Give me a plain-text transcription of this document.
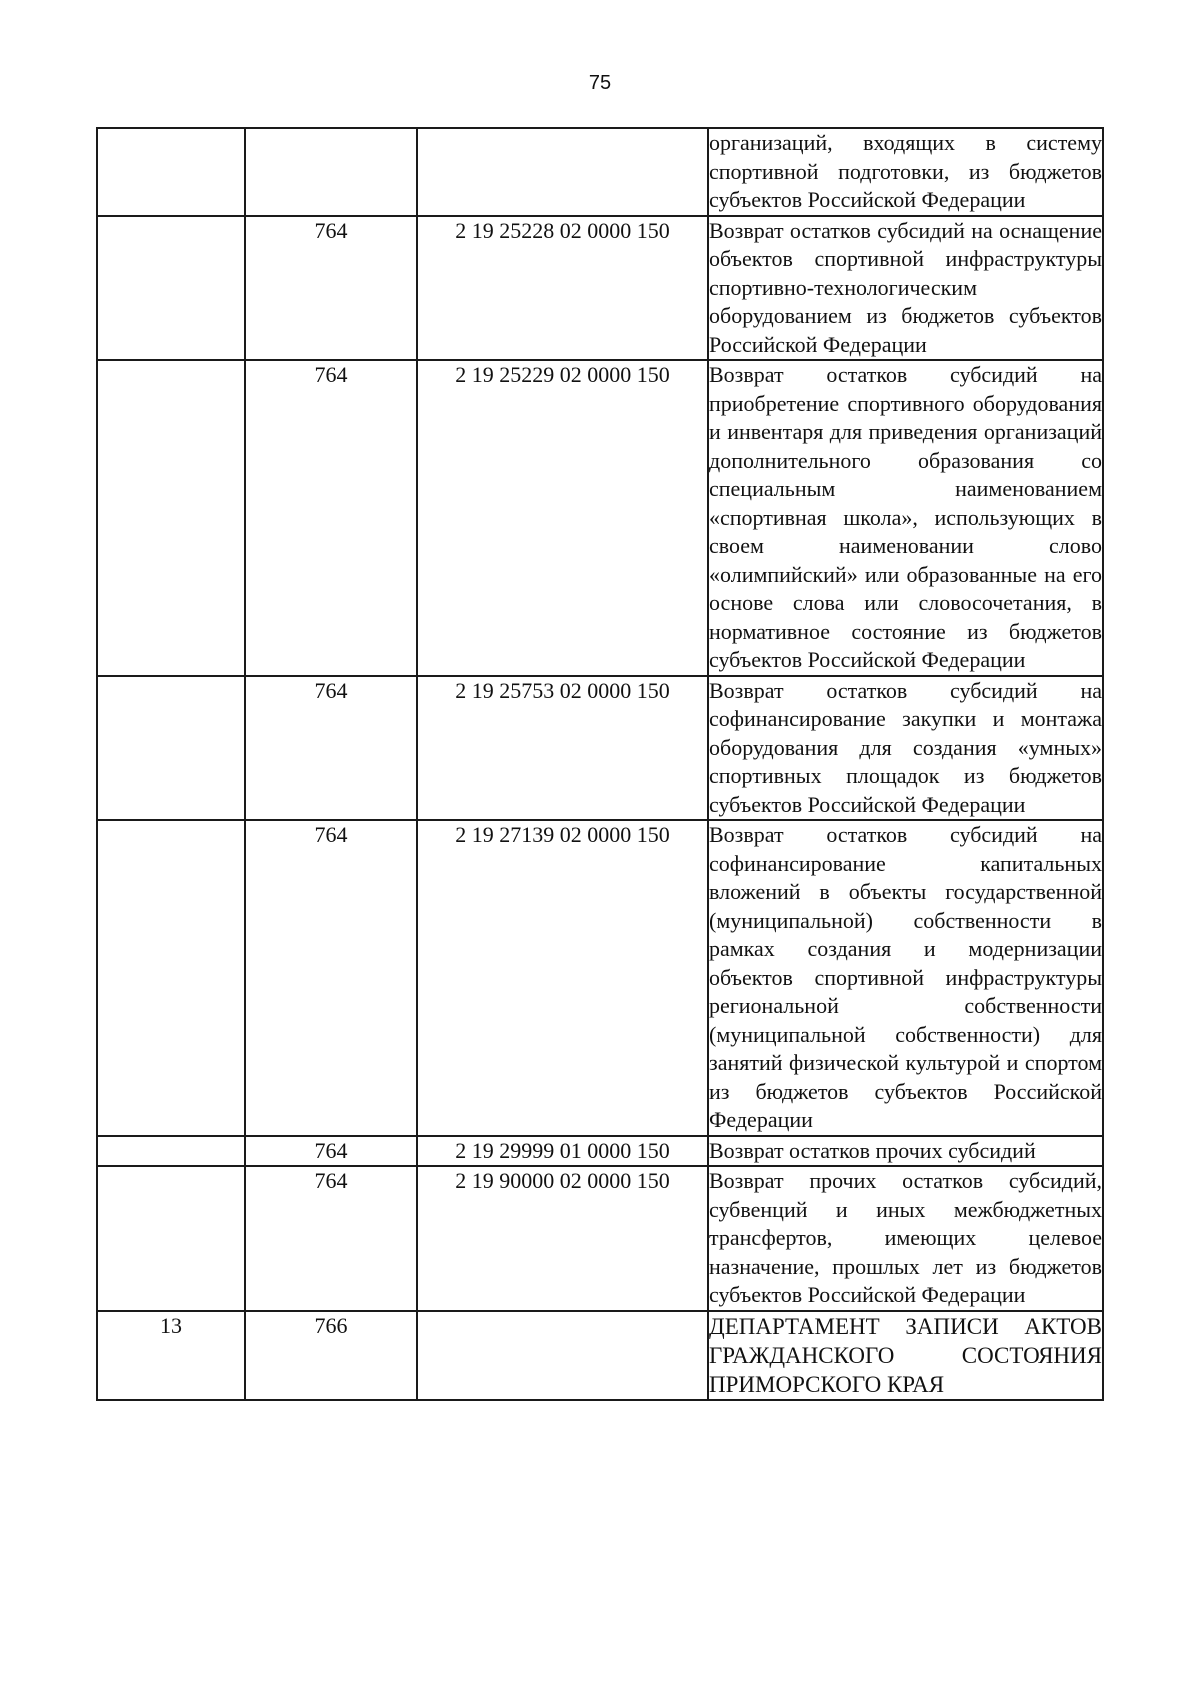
75
			организаций, входящих в систему спортивной подготовки, из бюджетов субъектов Российской Федерации
	764	2 19 25228 02 0000 150	Возврат остатков субсидий на оснащение объектов спортивной инфраструктуры спортивно-технологическим оборудованием из бюджетов субъектов Российской Федерации
	764	2 19 25229 02 0000 150	Возврат остатков субсидий на приобретение спортивного оборудования и инвентаря для приведения организаций дополнительного образования со специальным наименованием «спортивная школа», использующих в своем наименовании слово «олимпийский» или образованные на его основе слова или словосочетания, в нормативное состояние из бюджетов субъектов Российской Федерации
	764	2 19 25753 02 0000 150	Возврат остатков субсидий на софинансирование закупки и монтажа оборудования для создания «умных» спортивных площадок из бюджетов субъектов Российской Федерации
	764	2 19 27139 02 0000 150	Возврат остатков субсидий на софинансирование капитальных вложений в объекты государственной (муниципальной) собственности в рамках создания и модернизации объектов спортивной инфраструктуры региональной собственности (муниципальной собственности) для занятий физической культурой и спортом из бюджетов субъектов Российской Федерации
	764	2 19 29999 01 0000 150	Возврат остатков прочих субсидий
	764	2 19 90000 02 0000 150	Возврат прочих остатков субсидий, субвенций и иных межбюджетных трансфертов, имеющих целевое назначение, прошлых лет из бюджетов субъектов Российской Федерации
13	766		ДЕПАРТАМЕНТ ЗАПИСИ АКТОВ ГРАЖДАНСКОГО СОСТОЯНИЯ ПРИМОРСКОГО КРАЯ
